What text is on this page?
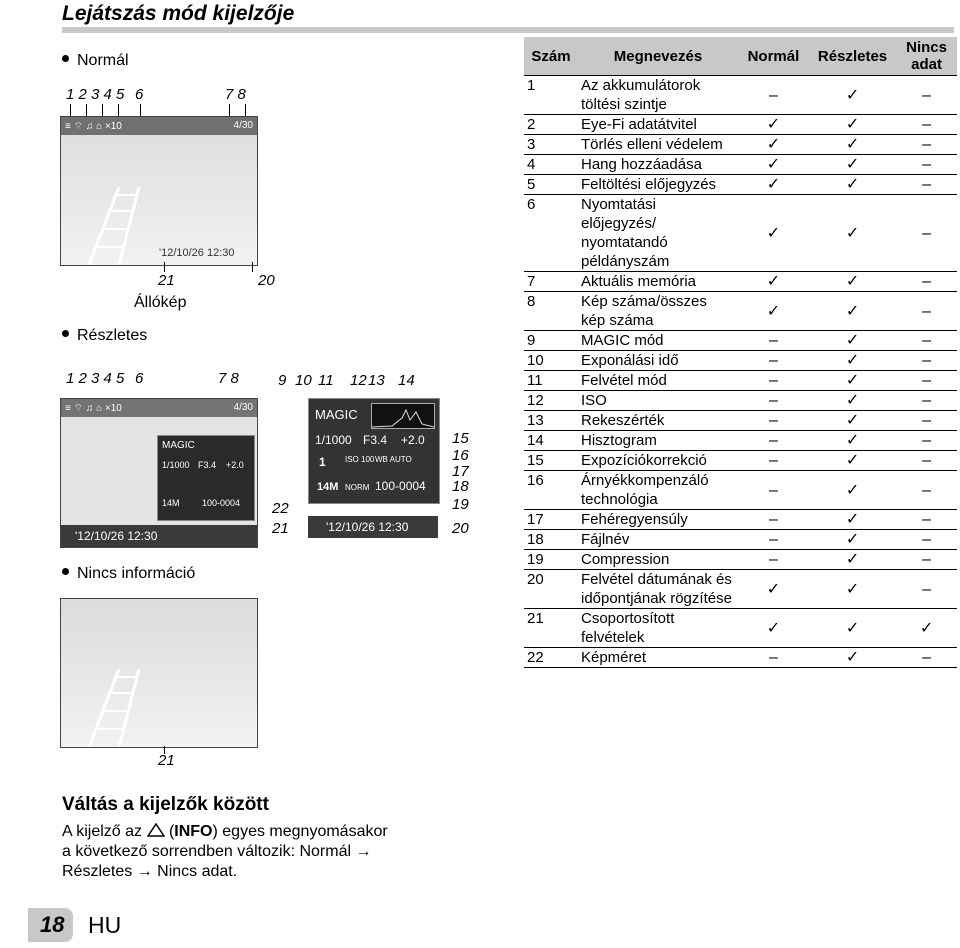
Lejátszás mód kijelzője
Normál
1 2 3 4 5 6	7 8
≡ ⌔ ♫ ⌂ ×10	4/30
'12/10/26 12:30
21	20
Állókép
Részletes
1 2 3 4 5 6	7 8
≡ ⌔ ♫ ⌂ ×10	4/30
MAGIC
1/1000 F3.4 +2.0
14M 100-0004
'12/10/26 12:30
9 10 11 12 13 14
MAGIC
1/1000 F3.4 +2.0
1 ISO 100 WB AUTO
14M NORM 100-0004
'12/10/26 12:30
15
16
17
18
19
20
22
21
Nincs információ
21
Váltás a kijelzők között
A kijelző az  (INFO) egyes megnyomásakor
a következő sorrendben változik: Normál →
Részletes → Nincs adat.
Szám	Megnevezés	Normál	Részletes	Nincs adat
1	Az akkumulátorok töltési szintje	–	✓	–
2	Eye-Fi adatátvitel	✓	✓	–
3	Törlés elleni védelem	✓	✓	–
4	Hang hozzáadása	✓	✓	–
5	Feltöltési előjegyzés	✓	✓	–
6	Nyomtatási előjegyzés/ nyomtatandó példányszám	✓	✓	–
7	Aktuális memória	✓	✓	–
8	Kép száma/összes kép száma	✓	✓	–
9	MAGIC mód	–	✓	–
10	Exponálási idő	–	✓	–
11	Felvétel mód	–	✓	–
12	ISO	–	✓	–
13	Rekeszérték	–	✓	–
14	Hisztogram	–	✓	–
15	Expozíciókorrekció	–	✓	–
16	Árnyékkompenzáló technológia	–	✓	–
17	Fehéregyensúly	–	✓	–
18	Fájlnév	–	✓	–
19	Compression	–	✓	–
20	Felvétel dátumának és időpontjának rögzítése	✓	✓	–
21	Csoportosított felvételek	✓	✓	✓
22	Képméret	–	✓	–
18 HU
